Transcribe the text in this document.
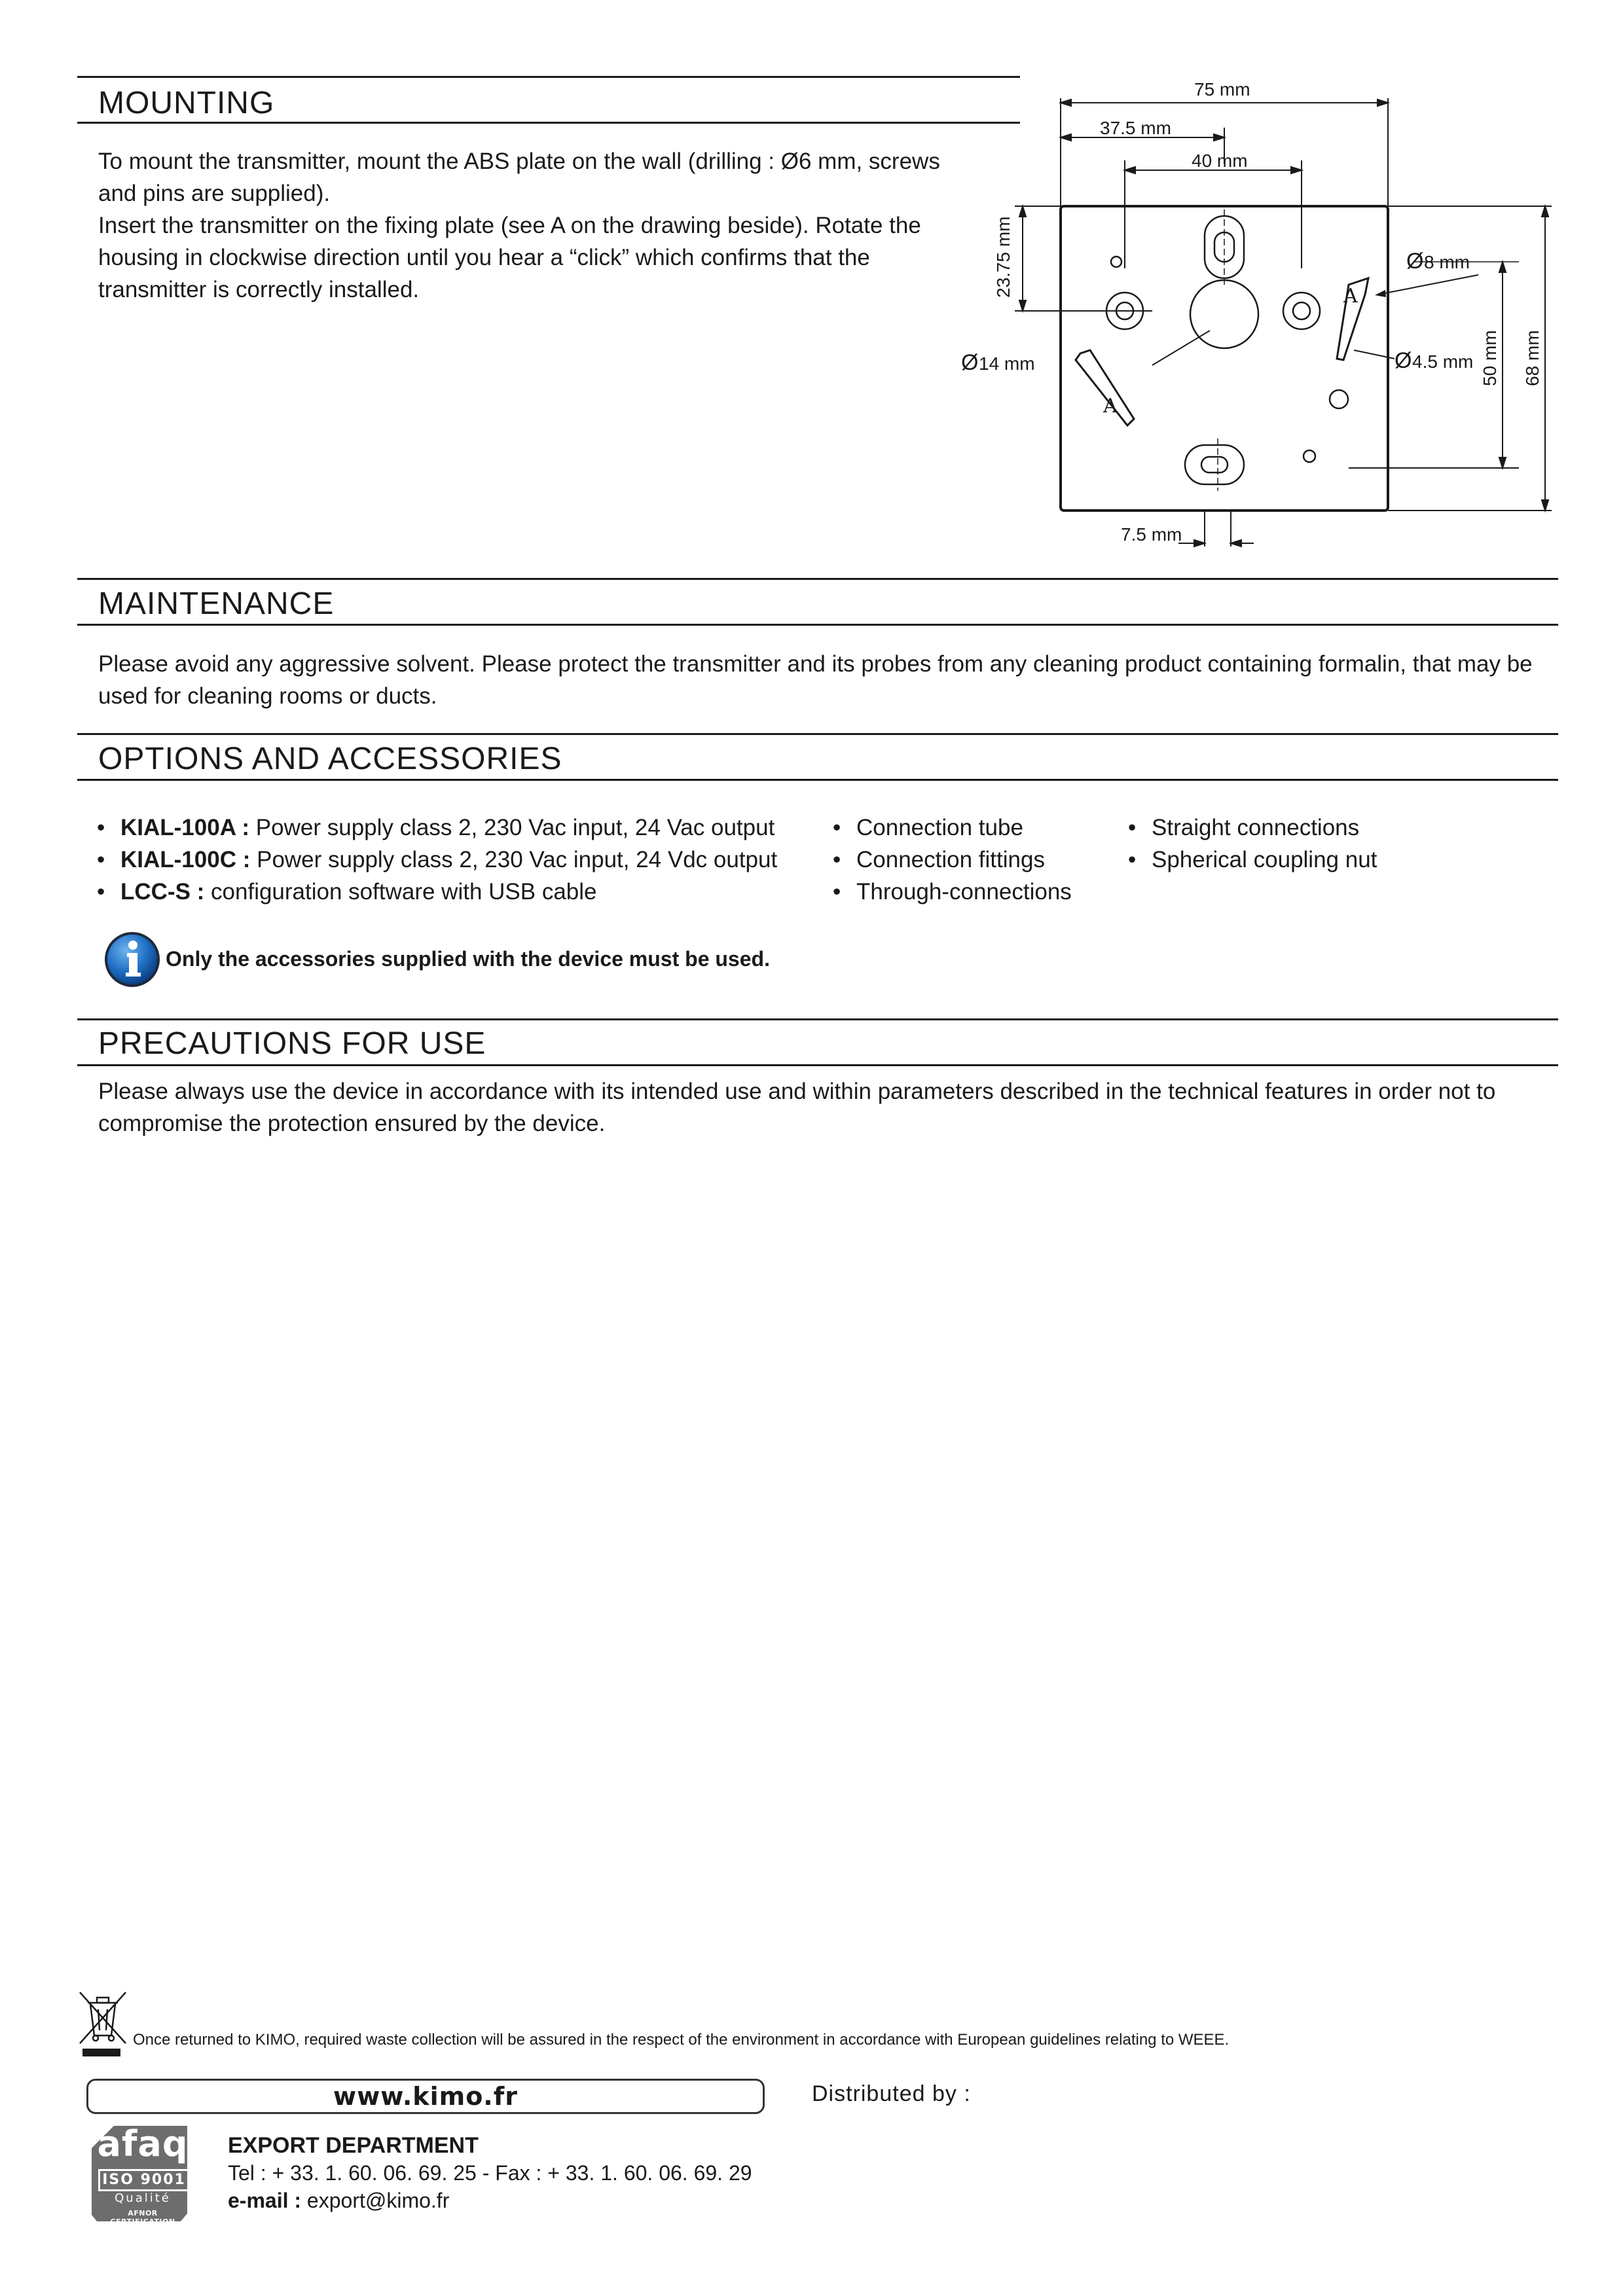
MOUNTING

To mount the transmitter, mount the ABS plate on the wall (drilling : Ø6 mm, screws and pins are supplied).

Insert the transmitter on the fixing plate (see A on the drawing beside). Rotate the housing in clockwise direction until you hear a “click” which confirms that the transmitter is correctly installed.	A
A
75 mm
37.5 mm
40 mm
23.75 mm	Ø 8 mm
Ø 4.5 mm
Ø 14 mm	50 mm 68 mm
7.5 mm
MAINTENANCE
Please avoid any aggressive solvent. Please protect the transmitter and its probes from any cleaning product containing formalin, that may be used for cleaning rooms or ducts.
OPTIONS AND ACCESSORIES
• KIAL-100A : Power supply class 2, 230 Vac input, 24 Vac output
• KIAL-100C : Power supply class 2, 230 Vac input, 24 Vdc output
• LCC-S : configuration software with USB cable
• Connection tube
• Connection fittings
• Through-connections
• Straight connections
• Spherical coupling nut
Only the accessories supplied with the device must be used.
PRECAUTIONS FOR USE
Please always use the device in accordance with its intended use and within parameters described in the technical features in order not to compromise the protection ensured by the device.
Once returned to KIMO, required waste collection will be assured in the respect of the environment in accordance with European guidelines relating to WEEE.
www.kimo.fr	Distributed by :
afaq
ISO 9001
Qualité
AFNOR CERTIFICATION
EXPORT DEPARTMENT
Tel : + 33. 1. 60. 06. 69. 25 - Fax : + 33. 1. 60. 06. 69. 29
e-mail : export@kimo.fr
